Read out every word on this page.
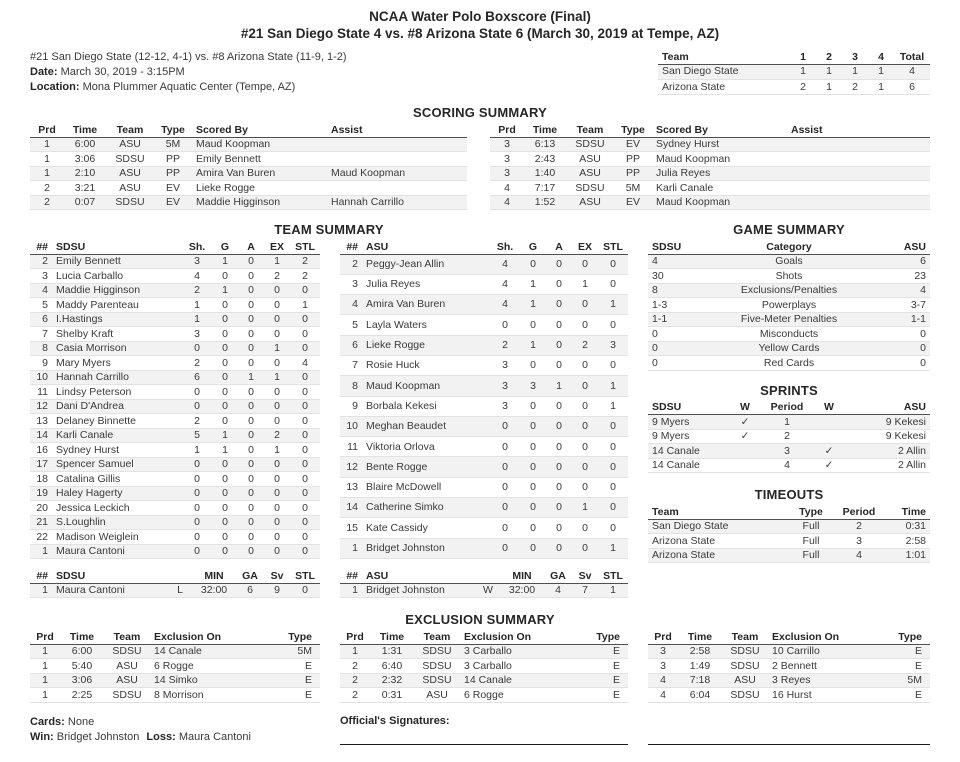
NCAA Water Polo Boxscore (Final)
#21 San Diego State 4 vs. #8 Arizona State 6 (March 30, 2019 at Tempe, AZ)
#21 San Diego State (12-12, 4-1) vs. #8 Arizona State (11-9, 1-2)
Date: March 30, 2019 - 3:15PM
Location: Mona Plummer Aquatic Center (Tempe, AZ)
Team	1	2	3	4	Total
San Diego State	1	1	1	1	4
Arizona State	2	1	2	1	6
SCORING SUMMARY
Prd	Time	Team	Type	Scored By	Assist
1	6:00	ASU	5M	Maud Koopman	
1	3:06	SDSU	PP	Emily Bennett	
1	2:10	ASU	PP	Amira Van Buren	Maud Koopman
2	3:21	ASU	EV	Lieke Rogge	
2	0:07	SDSU	EV	Maddie Higginson	Hannah Carrillo
Prd	Time	Team	Type	Scored By	Assist
3	6:13	SDSU	EV	Sydney Hurst	
3	2:43	ASU	PP	Maud Koopman	
3	1:40	ASU	PP	Julia Reyes	
4	7:17	SDSU	5M	Karli Canale	
4	1:52	ASU	EV	Maud Koopman	
TEAM SUMMARY
##	SDSU	Sh.	G	A	EX	STL
2	Emily Bennett	3	1	0	1	2
3	Lucia Carballo	4	0	0	2	2
4	Maddie Higginson	2	1	0	0	0
5	Maddy Parenteau	1	0	0	0	1
6	I.Hastings	1	0	0	0	0
7	Shelby Kraft	3	0	0	0	0
8	Casia Morrison	0	0	0	1	0
9	Mary Myers	2	0	0	0	4
10	Hannah Carrillo	6	0	1	1	0
11	Lindsy Peterson	0	0	0	0	0
12	Dani D'Andrea	0	0	0	0	0
13	Delaney Binnette	2	0	0	0	0
14	Karli Canale	5	1	0	2	0
16	Sydney Hurst	1	1	0	1	0
17	Spencer Samuel	0	0	0	0	0
18	Catalina Gillis	0	0	0	0	0
19	Haley Hagerty	0	0	0	0	0
20	Jessica Leckich	0	0	0	0	0
21	S.Loughlin	0	0	0	0	0
22	Madison Weiglein	0	0	0	0	0
1	Maura Cantoni	0	0	0	0	0
##	ASU	Sh.	G	A	EX	STL
2	Peggy-Jean Allin	4	0	0	0	0
3	Julia Reyes	4	1	0	1	0
4	Amira Van Buren	4	1	0	0	1
5	Layla Waters	0	0	0	0	0
6	Lieke Rogge	2	1	0	2	3
7	Rosie Huck	3	0	0	0	0
8	Maud Koopman	3	3	1	0	1
9	Borbala Kekesi	3	0	0	0	1
10	Meghan Beaudet	0	0	0	0	0
11	Viktoria Orlova	0	0	0	0	0
12	Bente Rogge	0	0	0	0	0
13	Blaire McDowell	0	0	0	0	0
14	Catherine Simko	0	0	0	1	0
15	Kate Cassidy	0	0	0	0	0
1	Bridget Johnston	0	0	0	0	1
##	SDSU		MIN	GA	Sv	STL
1	Maura Cantoni	L	32:00	6	9	0
##	ASU		MIN	GA	Sv	STL
1	Bridget Johnston	W	32:00	4	7	1
GAME SUMMARY
SDSU	Category	ASU
4	Goals	6
30	Shots	23
8	Exclusions/Penalties	4
1-3	Powerplays	3-7
1-1	Five-Meter Penalties	1-1
0	Misconducts	0
0	Yellow Cards	0
0	Red Cards	0
SPRINTS
SDSU	W	Period	W	ASU
9 Myers	✓	1		9 Kekesi
9 Myers	✓	2		9 Kekesi
14 Canale		3	✓	2 Allin
14 Canale		4	✓	2 Allin
TIMEOUTS
Team	Type	Period	Time
San Diego State	Full	2	0:31
Arizona State	Full	3	2:58
Arizona State	Full	4	1:01
EXCLUSION SUMMARY
Prd	Time	Team	Exclusion On	Type
1	6:00	SDSU	14 Canale	5M
1	5:40	ASU	6 Rogge	E
1	3:06	ASU	14 Simko	E
1	2:25	SDSU	8 Morrison	E
Prd	Time	Team	Exclusion On	Type
1	1:31	SDSU	3 Carballo	E
2	6:40	SDSU	3 Carballo	E
2	2:32	SDSU	14 Canale	E
2	0:31	ASU	6 Rogge	E
Prd	Time	Team	Exclusion On	Type
3	2:58	SDSU	10 Carrillo	E
3	1:49	SDSU	2 Bennett	E
4	7:18	ASU	3 Reyes	5M
4	6:04	SDSU	16 Hurst	E
Cards: None
Win: Bridget Johnston Loss: Maura Cantoni
Official's Signatures:
